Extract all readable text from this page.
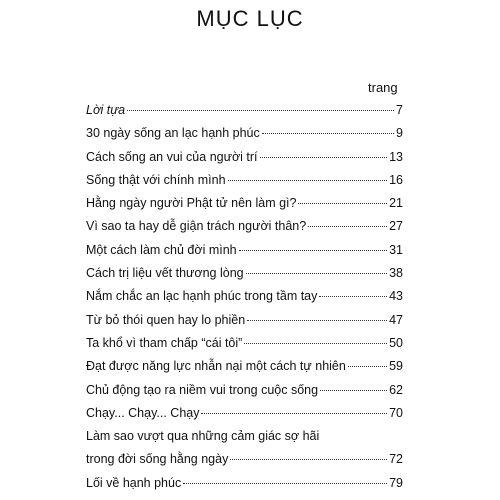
MỤC LỤC
trang
Lời tựa	7
30 ngày sống an lạc hạnh phúc	9
Cách sống an vui của người trí	13
Sống thật với chính mình	16
Hằng ngày người Phật tử nên làm gì?	21
Vì sao ta hay dễ giận trách người thân?	27
Một cách làm chủ đời mình	31
Cách trị liệu vết thương lòng	38
Nắm chắc an lạc hạnh phúc trong tầm tay	43
Từ bỏ thói quen hay lo phiền	47
Ta khổ vì tham chấp “cái tôi”	50
Đạt được năng lực nhẫn nại một cách tự nhiên	59
Chủ động tạo ra niềm vui trong cuộc sống	62
Chạy... Chạy... Chạy	70
Làm sao vượt qua những cảm giác sợ hãi
trong đời sống hằng ngày	72
Lối về hạnh phúc	79
